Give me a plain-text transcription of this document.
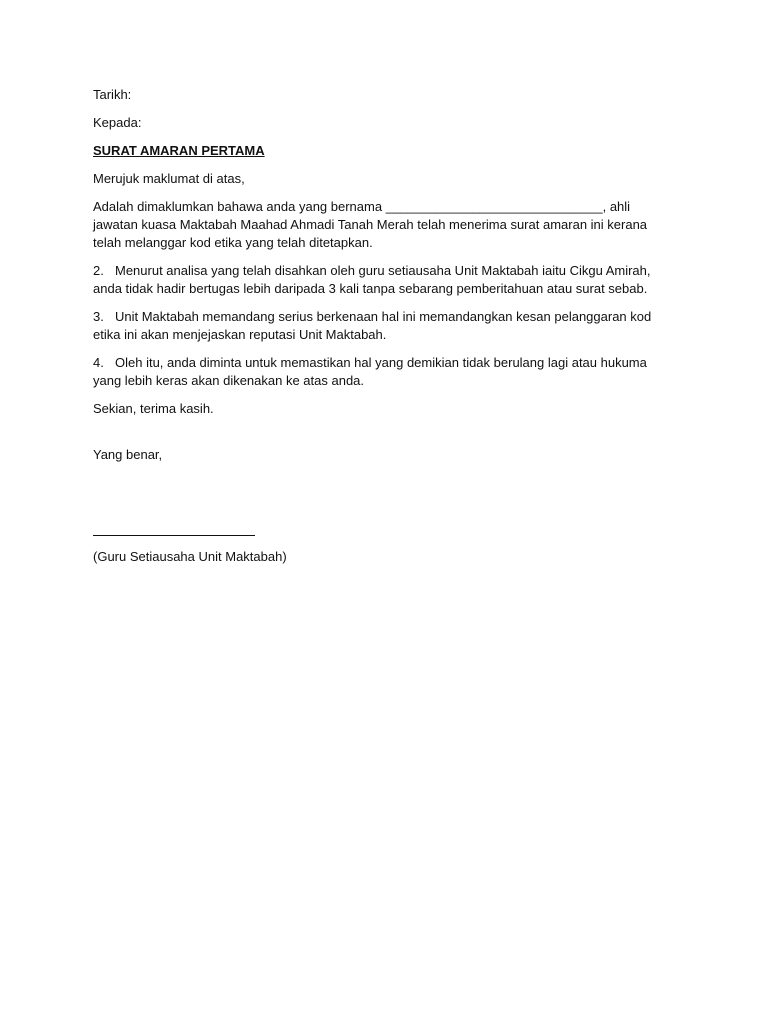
Tarikh:

Kepada:

SURAT AMARAN PERTAMA

Merujuk maklumat di atas,

Adalah dimaklumkan bahawa anda yang bernama ______________________________, ahli jawatan kuasa Maktabah Maahad Ahmadi Tanah Merah telah menerima surat amaran ini kerana telah melanggar kod etika yang telah ditetapkan.

2. Menurut analisa yang telah disahkan oleh guru setiausaha Unit Maktabah iaitu Cikgu Amirah, anda tidak hadir bertugas lebih daripada 3 kali tanpa sebarang pemberitahuan atau surat sebab.

3. Unit Maktabah memandang serius berkenaan hal ini memandangkan kesan pelanggaran kod etika ini akan menjejaskan reputasi Unit Maktabah.

4. Oleh itu, anda diminta untuk memastikan hal yang demikian tidak berulang lagi atau hukuma yang lebih keras akan dikenakan ke atas anda.

Sekian, terima kasih.

Yang benar,

(Guru Setiausaha Unit Maktabah)
